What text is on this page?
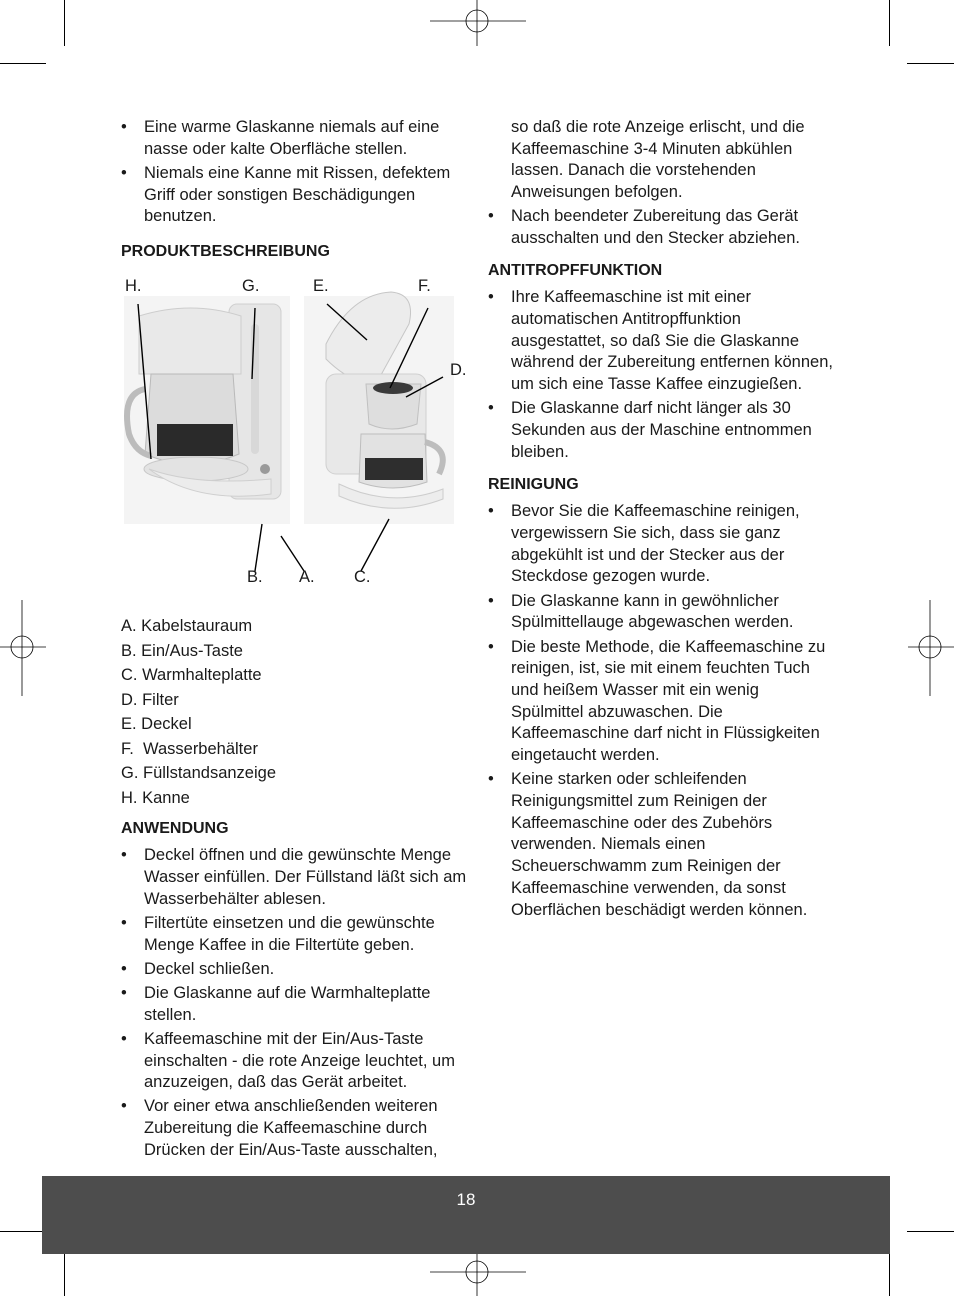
• Eine warme Glaskanne niemals auf eine nasse oder kalte Oberfläche stellen.
• Niemals eine Kanne mit Rissen, defektem Griff oder sonstigen Beschädigungen benutzen.
PRODUKTBESCHREIBUNG
H.	G.	E.	F.
D.
B. A. C.
A. Kabelstauraum
B. Ein/Aus-Taste
C. Warmhalteplatte
D. Filter
E. Deckel
F.  Wasserbehälter
G. Füllstandsanzeige
H. Kanne
ANWENDUNG
• Deckel öffnen und die gewünschte Menge Wasser einfüllen. Der Füllstand läßt sich am Wasserbehälter ablesen.
• Filtertüte einsetzen und die gewünschte Menge Kaffee in die Filtertüte geben.
• Deckel schließen.
• Die Glaskanne auf die Warmhalteplatte stellen.
• Kaffeemaschine mit der Ein/Aus-Taste einschalten - die rote Anzeige leuchtet, um anzuzeigen, daß das Gerät arbeitet.
• Vor einer etwa anschließenden weiteren Zubereitung die Kaffeemaschine durch Drücken der Ein/Aus-Taste ausschalten,

so daß die rote Anzeige erlischt, und die Kaffeemaschine 3-4 Minuten abkühlen lassen. Danach die vorstehenden Anweisungen befolgen.

• Nach beendeter Zubereitung das Gerät ausschalten und den Stecker abziehen.
ANTITROPFFUNKTION
• Ihre Kaffeemaschine ist mit einer automatischen Antitropffunktion ausgestattet, so daß Sie die Glaskanne während der Zubereitung entfernen können, um sich eine Tasse Kaffee einzugießen.
• Die Glaskanne darf nicht länger als 30 Sekunden aus der Maschine entnommen bleiben.
REINIGUNG
• Bevor Sie die Kaffeemaschine reinigen, vergewissern Sie sich, dass sie ganz abgekühlt ist und der Stecker aus der Steckdose gezogen wurde.
• Die Glaskanne kann in gewöhnlicher Spülmittellauge abgewaschen werden.
• Die beste Methode, die Kaffeemaschine zu reinigen, ist, sie mit einem feuchten Tuch und heißem Wasser mit ein wenig Spülmittel abzuwaschen. Die Kaffeemaschine darf nicht in Flüssigkeiten eingetaucht werden.
• Keine starken oder schleifenden Reinigungsmittel zum Reinigen der Kaffeemaschine oder des Zubehörs verwenden. Niemals einen Scheuerschwamm zum Reinigen der Kaffeemaschine verwenden, da sonst Oberflächen beschädigt werden können.
18
